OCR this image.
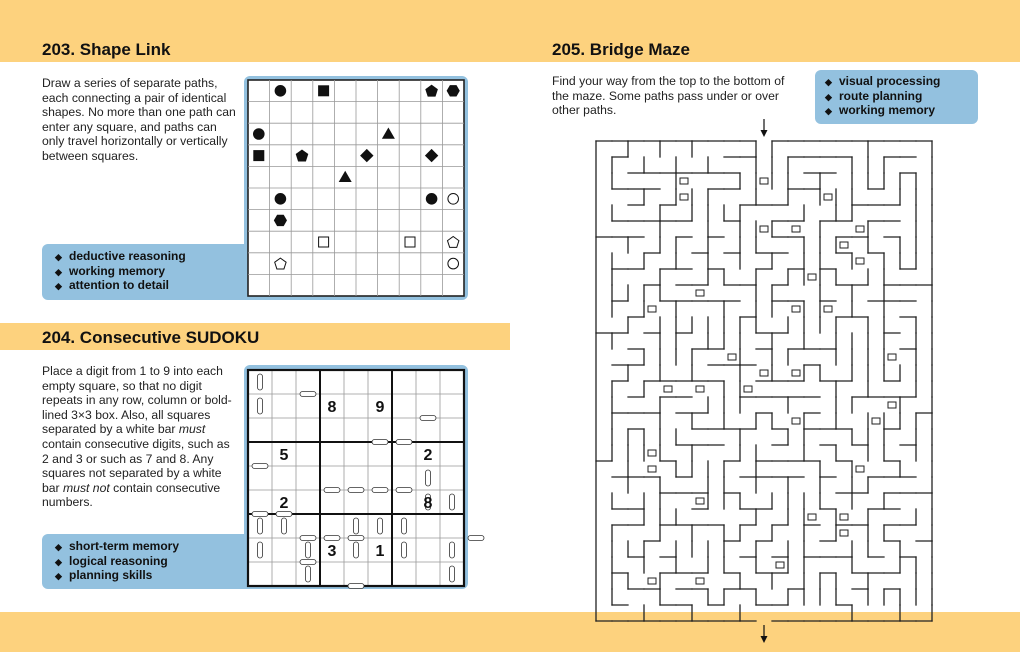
203. Shape Link
Draw a series of separate paths, each connecting a pair of identical shapes. No more than one path can enter any square, and paths can only travel horizontally or vertically between squares.
◆ deductive reasoning
◆ working memory
◆ attention to detail
204. Consecutive SUDOKU
Place a digit from 1 to 9 into each empty square, so that no digit repeats in any row, column or bold-lined 3×3 box. Also, all squares separated by a white bar must contain consecutive digits, such as 2 and 3 or such as 7 and 8. Any squares not separated by a white bar must not contain consecutive numbers.
◆ short-term memory
◆ logical reasoning
◆ planning skills
8 9
5	2
2	8
3 1
205. Bridge Maze
Find your way from the top to the bottom of the maze. Some paths pass under or over other paths.
◆ visual processing
◆ route planning
◆ working memory
